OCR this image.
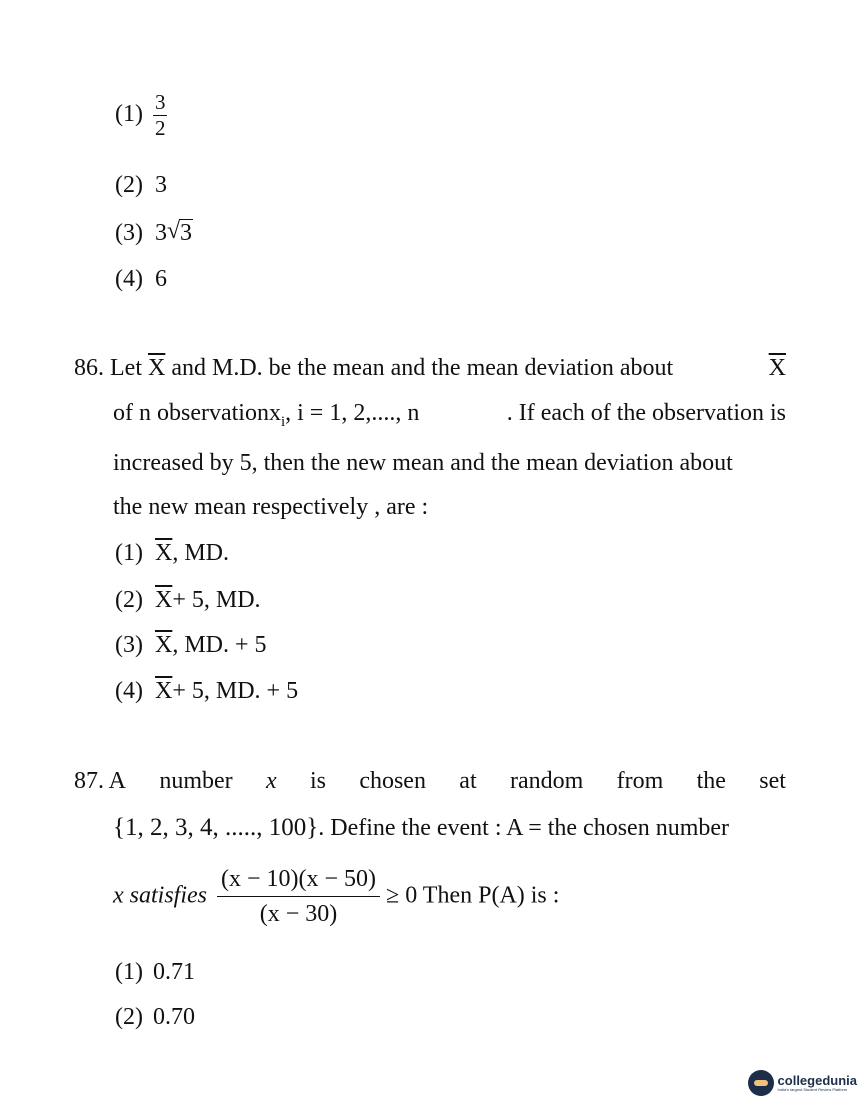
$(1) \frac{3}{2}$
(2) 3
(3) 3 √ 3
(4) 6
86. Let $\overline{X}$ and M.D. be the mean and the mean deviation about	$\overline{X}$
of n observationx$_i$, i = 1, 2,...., n	. If each of the observation is
increased by 5, then the new mean and the mean deviation about
the new mean respectively , are :
(1) $\overline{X}$, MD.
(2) $\overline{X}+ 5$, MD.
(3) $\overline{X}$, MD. + 5
(4) $\overline{X}+ 5$, MD. + 5
87. A number x is chosen at random from the set
{1, 2, 3, 4, ....., 100}. Define the event : A = the chosen number
x satisfies $\frac{(x - 10)(x - 50)}{(x - 30)} \ge 0$ Then P(A) is :
(1) 0.71
(2) 0.70
collegedunia
India's largest Student Review Platform
